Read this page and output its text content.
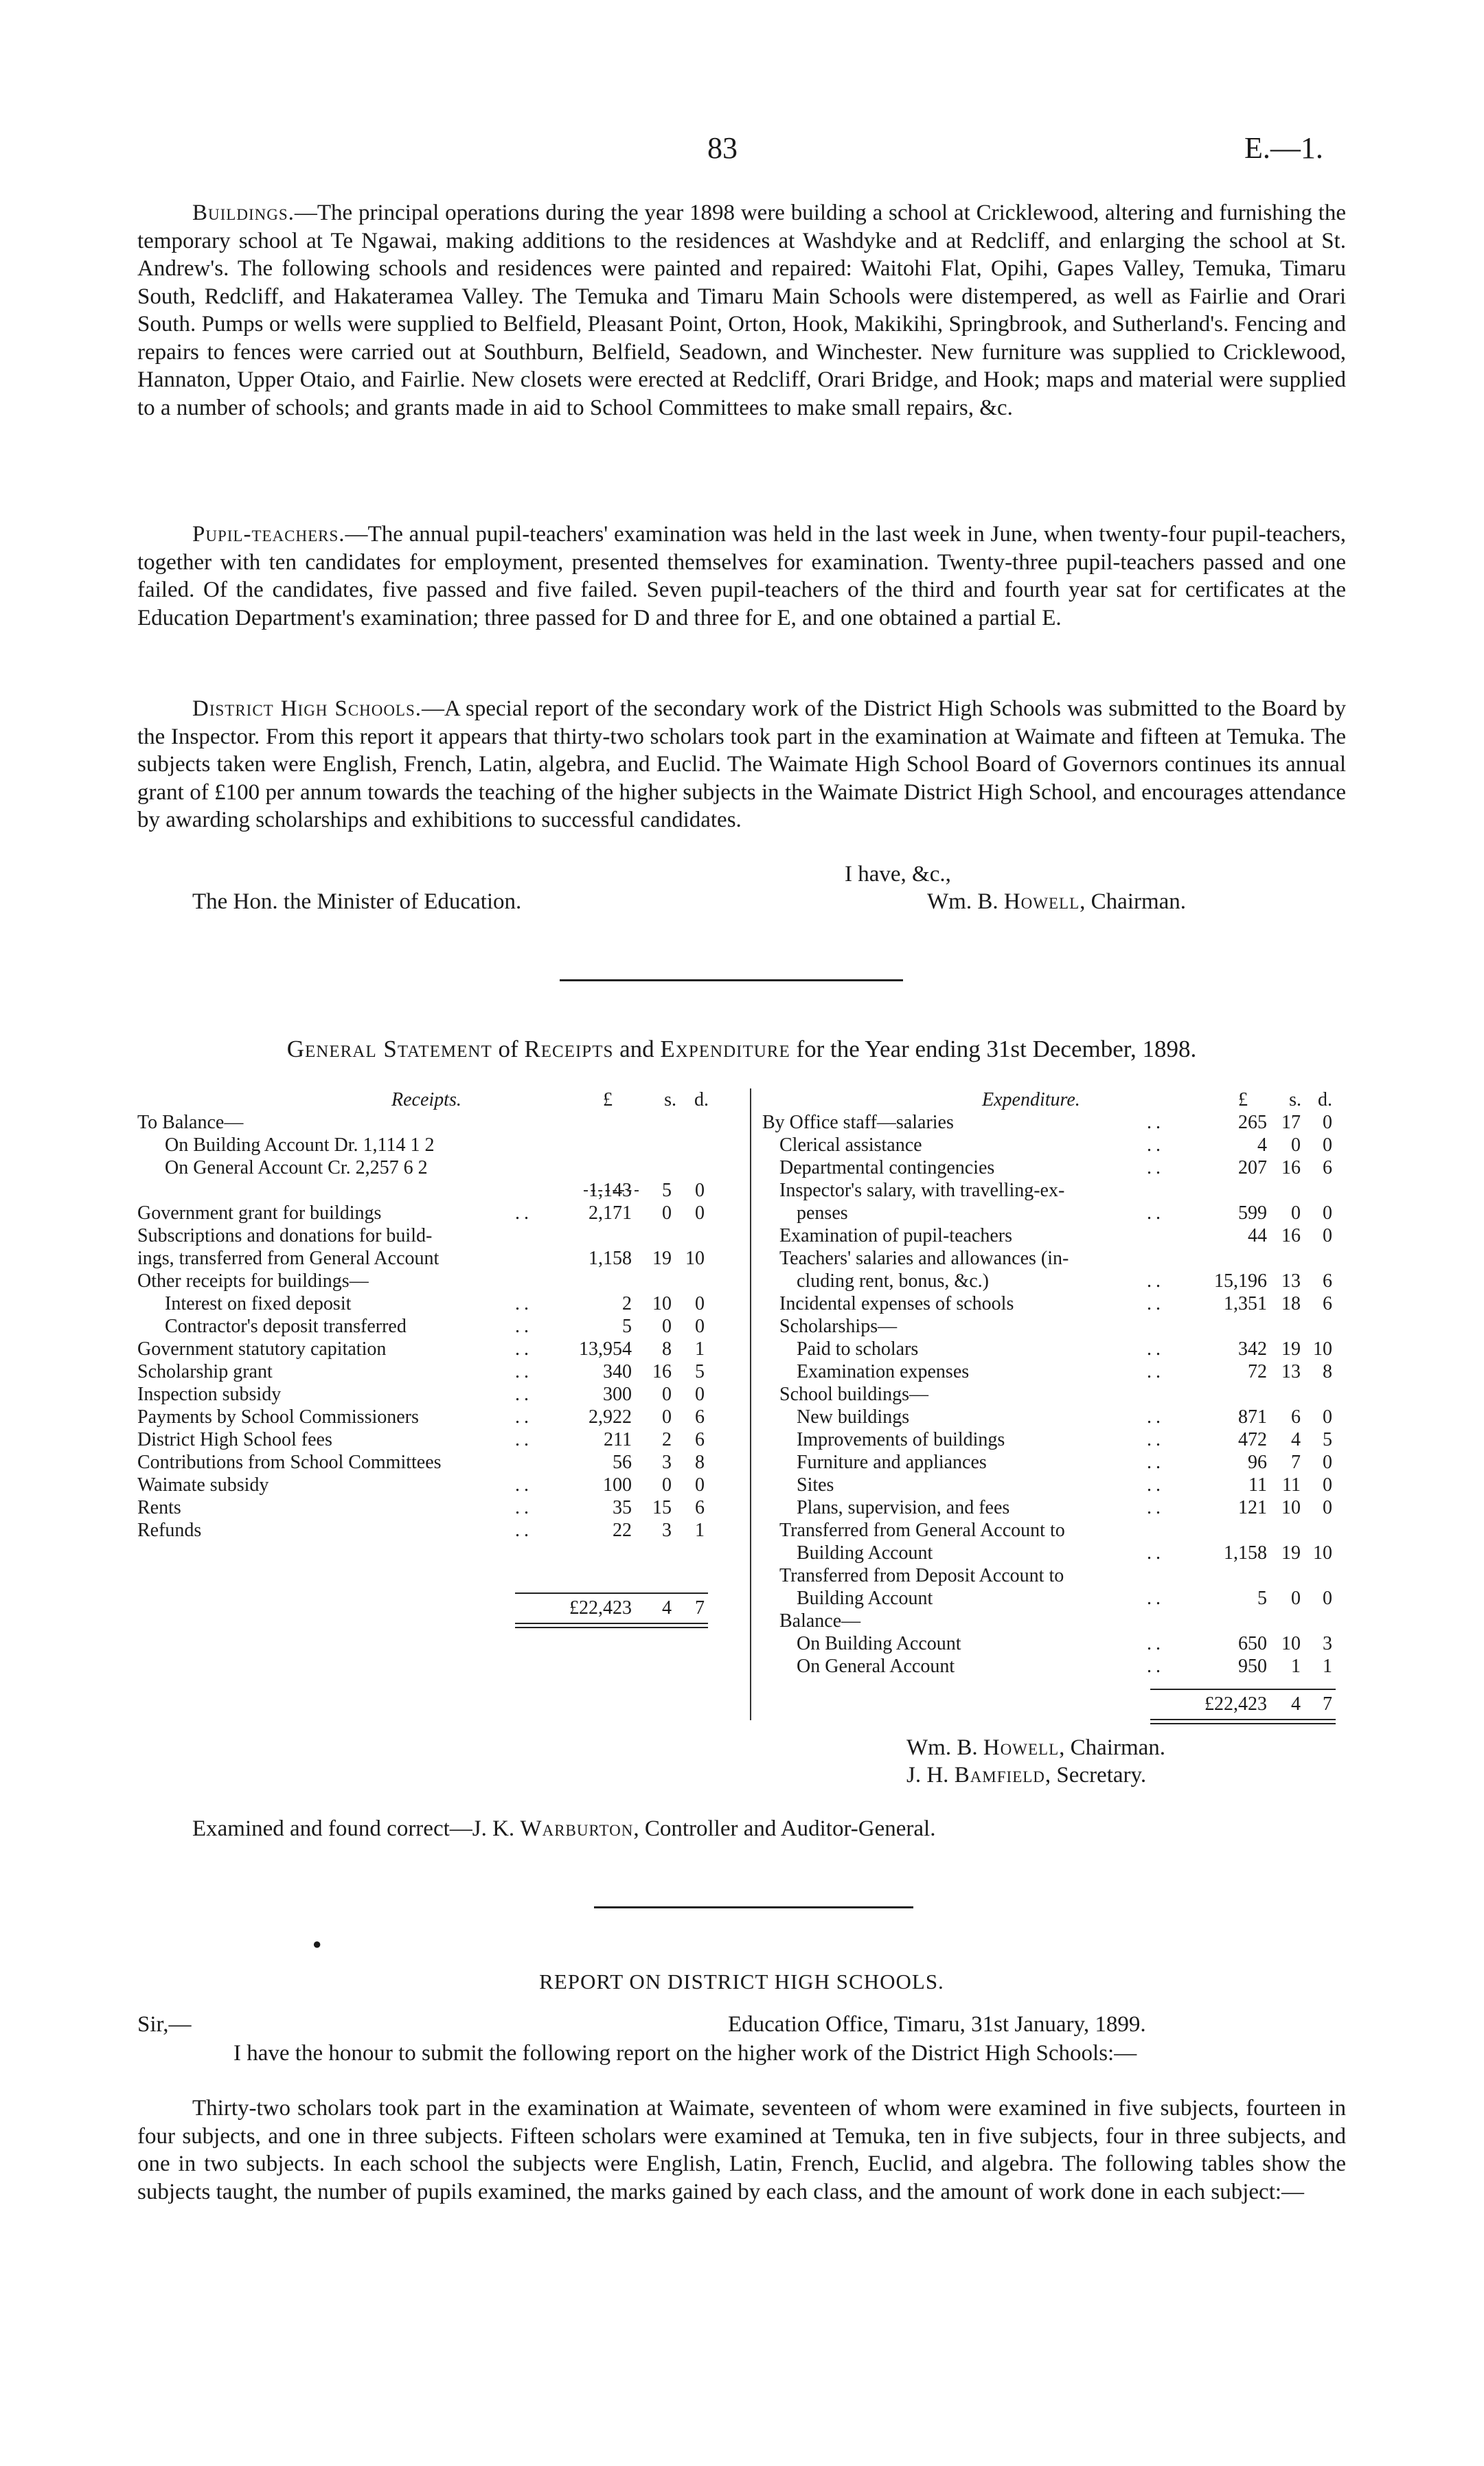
83	E.—1.

Buildings.—The principal operations during the year 1898 were building a school at Cricklewood, altering and furnishing the temporary school at Te Ngawai, making additions to the residences at Washdyke and at Redcliff, and enlarging the school at St. Andrew's. The following schools and residences were painted and repaired: Waitohi Flat, Opihi, Gapes Valley, Temuka, Timaru South, Redcliff, and Hakateramea Valley. The Temuka and Timaru Main Schools were distempered, as well as Fairlie and Orari South. Pumps or wells were supplied to Belfield, Pleasant Point, Orton, Hook, Makikihi, Springbrook, and Sutherland's. Fencing and repairs to fences were carried out at Southburn, Belfield, Seadown, and Winchester. New furniture was supplied to Cricklewood, Hannaton, Upper Otaio, and Fairlie. New closets were erected at Redcliff, Orari Bridge, and Hook; maps and material were supplied to a number of schools; and grants made in aid to School Committees to make small repairs, &c.

Pupil-teachers.—The annual pupil-teachers' examination was held in the last week in June, when twenty-four pupil-teachers, together with ten candidates for employment, presented themselves for examination. Twenty-three pupil-teachers passed and one failed. Of the candidates, five passed and five failed. Seven pupil-teachers of the third and fourth year sat for certificates at the Education Department's examination; three passed for D and three for E, and one obtained a partial E.

District High Schools.—A special report of the secondary work of the District High Schools was submitted to the Board by the Inspector. From this report it appears that thirty-two scholars took part in the examination at Waimate and fifteen at Temuka. The subjects taken were English, French, Latin, algebra, and Euclid. The Waimate High School Board of Governors continues its annual grant of £100 per annum towards the teaching of the higher subjects in the Waimate District High School, and encourages attendance by awarding scholarships and exhibitions to successful candidates.

I have, &c.,
The Hon. the Minister of Education.	Wm. B. Howell, Chairman.
General Statement of Receipts and Expenditure for the Year ending 31st December, 1898.
Receipts.	£	s. d.
To Balance—
On Building Account Dr. 1,114 1 2
On General Account Cr. 2,257 6 2
1,143	5	0
Government grant for buildings	..	2,171	0	0
Subscriptions and donations for build-
ings, transferred from General Account	1,158	19 10
Other receipts for buildings—
Interest on fixed deposit	..	2	10	0
Contractor's deposit transferred	..	5	0	0
Government statutory capitation	..	13,954	8	1
Scholarship grant	..	340	16	5
Inspection subsidy	..	300	0	0
Payments by School Commissioners	..	2,922	0	6
District High School fees	..	211	2	6
Contributions from School Committees	56	3	8
Waimate subsidy	..	100	0	0
Rents	..	35	15	6
Refunds	..	22	3	1
£22,423	4	7
Expenditure.	£	s. d.
By Office staff—salaries	..	265 17	0
Clerical assistance	..	4	0	0
Departmental contingencies	..	207 16	6
Inspector's salary, with travelling-ex-
penses	..	599	0	0
Examination of pupil-teachers	44 16	0
Teachers' salaries and allowances (in-
cluding rent, bonus, &c.)	..	15,196 13	6
Incidental expenses of schools	..	1,351 18	6
Scholarships—
Paid to scholars	..	342 19 10
Examination expenses	..	72 13	8
School buildings—
New buildings	..	871	6	0
Improvements of buildings	..	472	4	5
Furniture and appliances	..	96	7	0
Sites	..	11 11	0
Plans, supervision, and fees	..	121 10	0
Transferred from General Account to
Building Account	..	1,158 19 10
Transferred from Deposit Account to
Building Account	..	5	0	0
Balance—
On Building Account	..	650 10	3
On General Account	..	950	1	1
£22,423	4	7
Wm. B. Howell, Chairman.
J. H. Bamfield, Secretary.
Examined and found correct—J. K. Warburton, Controller and Auditor-General.
●
REPORT ON DISTRICT HIGH SCHOOLS.
Sir,—	Education Office, Timaru, 31st January, 1899.

I have the honour to submit the following report on the higher work of the District High Schools:—

Thirty-two scholars took part in the examination at Waimate, seventeen of whom were examined in five subjects, fourteen in four subjects, and one in three subjects. Fifteen scholars were examined at Temuka, ten in five subjects, four in three subjects, and one in two subjects. In each school the subjects were English, Latin, French, Euclid, and algebra. The following tables show the subjects taught, the number of pupils examined, the marks gained by each class, and the amount of work done in each subject:—
